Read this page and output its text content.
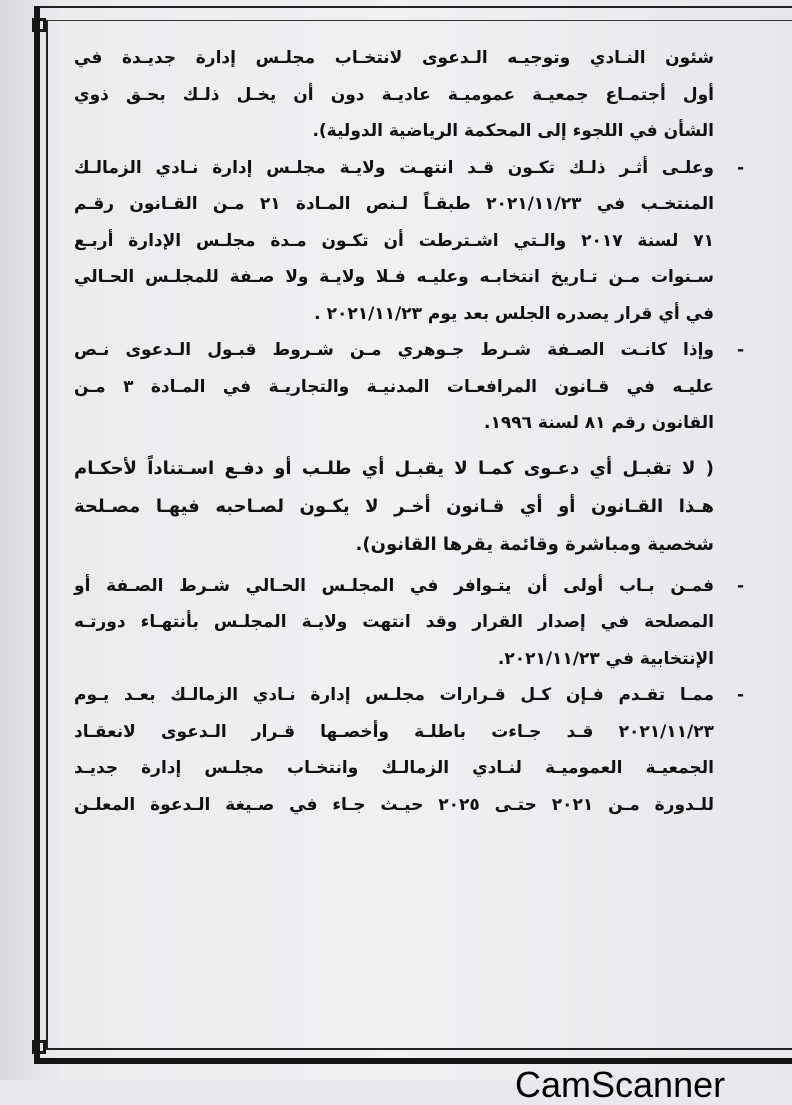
شئون النـادي وتوجيـه الـدعوى لانتخـاب مجلـس إدارة جديـدة في
أول أجتمـاع جمعيـة عموميـة عاديـة دون أن يخـل ذلـك بحـق ذوي
الشأن في اللجوء إلى المحكمة الرياضية الدولية).

-
وعلـى أثـر ذلـك تكـون قـد انتهـت ولايـة مجلـس إدارة نـادي الزمالـك
المنتخـب في ٢٠٢١/١١/٢٣ طبقـاً لـنص المـادة ٢١ مـن القـانون رقـم
٧١ لسنة ٢٠١٧ والـتي اشـترطت أن تكـون مـدة مجلـس الإدارة أربـع
سـنوات مـن تـاريخ انتخابـه وعليـه فـلا ولايـة ولا صـفة للمجلـس الحـالي
في أي قرار يصدره الجلس بعد يوم ٢٠٢١/١١/٢٣ .
-
وإذا كانـت الصـفة شـرط جـوهري مـن شـروط قبـول الـدعوى نـص
عليـه في قـانون المرافعـات المدنيـة والتجاريـة في المـادة ٣ مـن
القانون رقم ٨١ لسنة ١٩٩٦.
( لا تقبـل أي دعـوى كمـا لا يقبـل أي طلـب أو دفـع اسـتناداً لأحكـام
هـذا القـانون أو أي قـانون أخـر لا يكـون لصـاحبه فيهـا مصـلحة
شخصية ومباشرة وقائمة يقرها القانون).
-
فمـن بـاب أولى أن يتـوافر في المجلـس الحـالي شـرط الصـفة أو
المصلحة في إصدار القرار وقد انتهت ولايـة المجلـس بأنتهـاء دورتـه
الإنتخابية في ٢٠٢١/١١/٢٣.
-
ممـا تقـدم فـإن كـل قـرارات مجلـس إدارة نـادي الزمالـك بعـد يـوم
٢٠٢١/١١/٢٣ قـد جـاءت باطلـة وأخصـها قـرار الـدعوى لانعقـاد
الجمعيـة العموميـة لنـادي الزمالـك وانتخـاب مجلـس إدارة جديـد
للـدورة مـن ٢٠٢١ حتـى ٢٠٢٥ حيـث جـاء في صـيغة الـدعوة المعلـن
CamScanner
